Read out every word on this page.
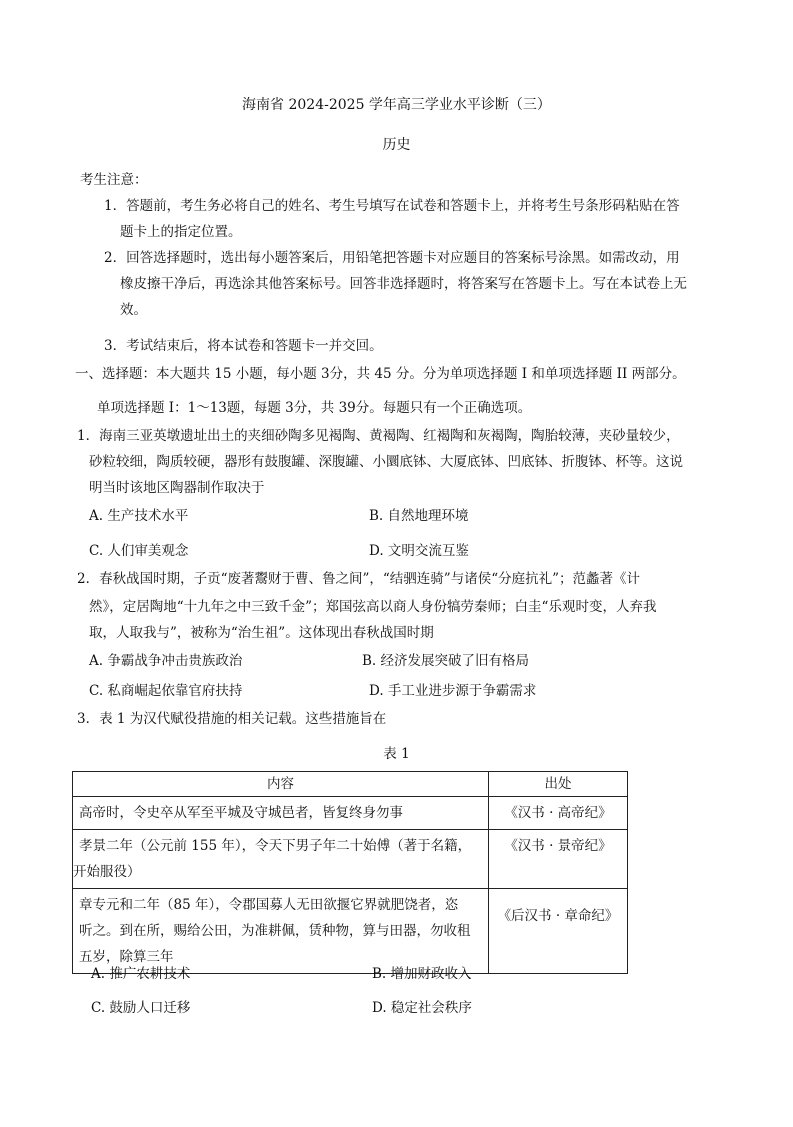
海南省 2024-2025 学年高三学业水平诊断（三）
历史
考生注意：
1．答题前，考生务必将自己的姓名、考生号填写在试卷和答题卡上，并将考生号条形码粘贴在答
题卡上的指定位置。
2．回答选择题时，选出每小题答案后，用铅笔把答题卡对应题目的答案标号涂黑。如需改动，用
橡皮擦干净后，再选涂其他答案标号。回答非选择题时，将答案写在答题卡上。写在本试卷上无
效。
3．考试结束后，将本试卷和答题卡一并交回。
一、选择题：本大题共 15 小题，每小题 3分，共 45 分。分为单项选择题 I 和单项选择题 II 两部分。
单项选择题 I：1～13题，每题 3分，共 39分。每题只有一个正确选项。
1．海南三亚英墩遗址出土的夹细砂陶多见褐陶、黄褐陶、红褐陶和灰褐陶，陶胎较薄，夹砂量较少，
砂粒较细，陶质较硬，器形有鼓腹罐、深腹罐、小圜底钵、大厦底钵、凹底钵、折腹钵、杯等。这说
明当时该地区陶器制作取决于
A. 生产技术水平	B. 自然地理环境
C. 人们审美观念	D. 文明交流互鉴
2．春秋战国时期，子贡“废著鬻财于曹、鲁之间”，“结驷连骑”与诸侯“分庭抗礼”；范蠡著《计
然》，定居陶地“十九年之中三致千金”；郑国弦高以商人身份犒劳秦师；白圭“乐观时变，人弃我
取，人取我与”，被称为“治生祖”。这体现出春秋战国时期
A. 争霸战争冲击贵族政治	B. 经济发展突破了旧有格局
C. 私商崛起依靠官府扶持	D. 手工业进步源于争霸需求
3．表 1 为汉代赋役措施的相关记载。这些措施旨在
表 1
内容	出处

高帝时，令史卒从军至平城及守城邑者，皆复终身勿事	《汉书 · 高帝纪》

孝景二年（公元前 155 年），令天下男子年二十始傅（著于名籍，
开始服役）	《汉书 · 景帝纪》

章专元和二年（85 年），令郡国募人无田欲揠它界就肥饶者，恣
听之。到在所，赐给公田，为准耕佩，赁种物，算与田器，勿收租
五岁，除算三年	《后汉书 · 章命纪》
A. 推广农耕技术	B. 增加财政收入
C. 鼓励人口迁移	D. 稳定社会秩序
